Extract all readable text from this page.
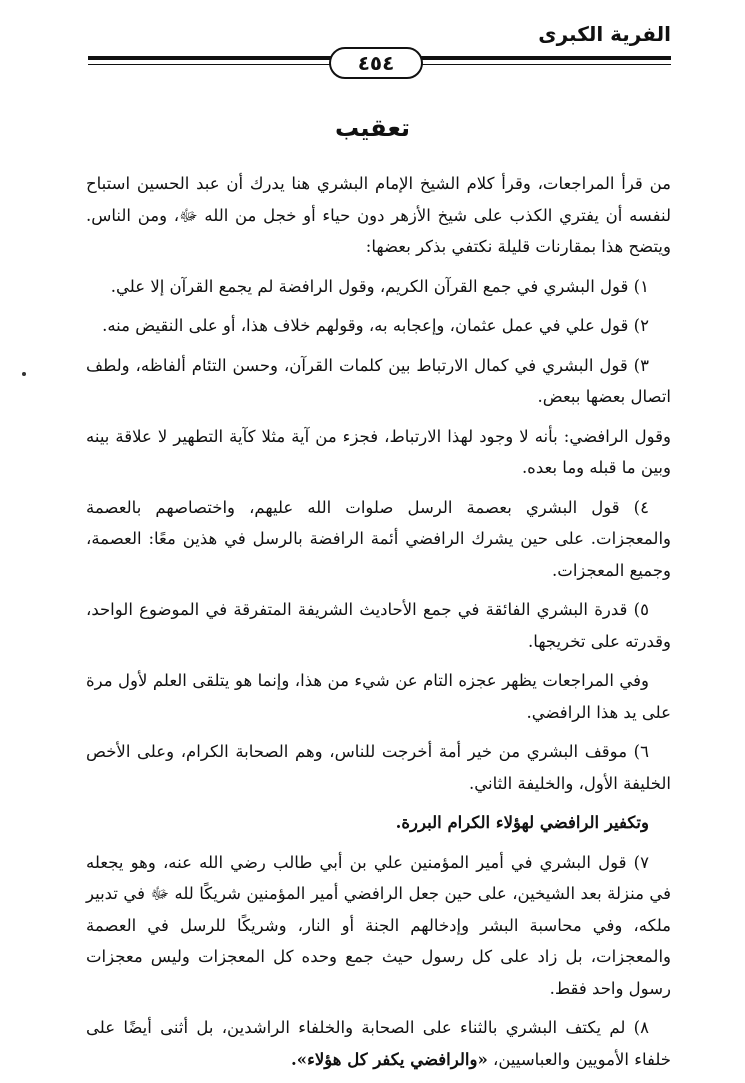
الفرية الكبرى
٤٥٤
تعقيب

من قرأ المراجعات، وقرأ كلام الشيخ الإمام البشري هنا يدرك أن عبد الحسين استباح لنفسه أن يفتري الكذب على شيخ الأزهر دون حياء أو خجل من الله ﷻ، ومن الناس. ويتضح هذا بمقارنات قليلة نكتفي بذكر بعضها:

١) قول البشري في جمع القرآن الكريم، وقول الرافضة لم يجمع القرآن إلا علي.

٢) قول علي في عمل عثمان، وإعجابه به، وقولهم خلاف هذا، أو على النقيض منه.

٣) قول البشري في كمال الارتباط بين كلمات القرآن، وحسن التئام ألفاظه، ولطف اتصال بعضها ببعض.

وقول الرافضي: بأنه لا وجود لهذا الارتباط، فجزء من آية مثلا كآية التطهير لا علاقة بينه وبين ما قبله وما بعده.

٤) قول البشري بعصمة الرسل صلوات الله عليهم، واختصاصهم بالعصمة والمعجزات. على حين يشرك الرافضي أئمة الرافضة بالرسل في هذين معًا: العصمة، وجميع المعجزات.

٥) قدرة البشري الفائقة في جمع الأحاديث الشريفة المتفرقة في الموضوع الواحد، وقدرته على تخريجها.

وفي المراجعات يظهر عجزه التام عن شيء من هذا، وإنما هو يتلقى العلم لأول مرة على يد هذا الرافضي.

٦) موقف البشري من خير أمة أخرجت للناس، وهم الصحابة الكرام، وعلى الأخص الخليفة الأول، والخليفة الثاني.

وتكفير الرافضي لهؤلاء الكرام البررة.

٧) قول البشري في أمير المؤمنين علي بن أبي طالب رضي الله عنه، وهو يجعله في منزلة بعد الشيخين، على حين جعل الرافضي أمير المؤمنين شريكًا لله ﷻ في تدبير ملكه، وفي محاسبة البشر وإدخالهم الجنة أو النار، وشريكًا للرسل في العصمة والمعجزات، بل زاد على كل رسول حيث جمع وحده كل المعجزات وليس معجزات رسول واحد فقط.

٨) لم يكتف البشري بالثناء على الصحابة والخلفاء الراشدين، بل أثنى أيضًا على خلفاء الأمويين والعباسيين، «والرافضي يكفر كل هؤلاء».
